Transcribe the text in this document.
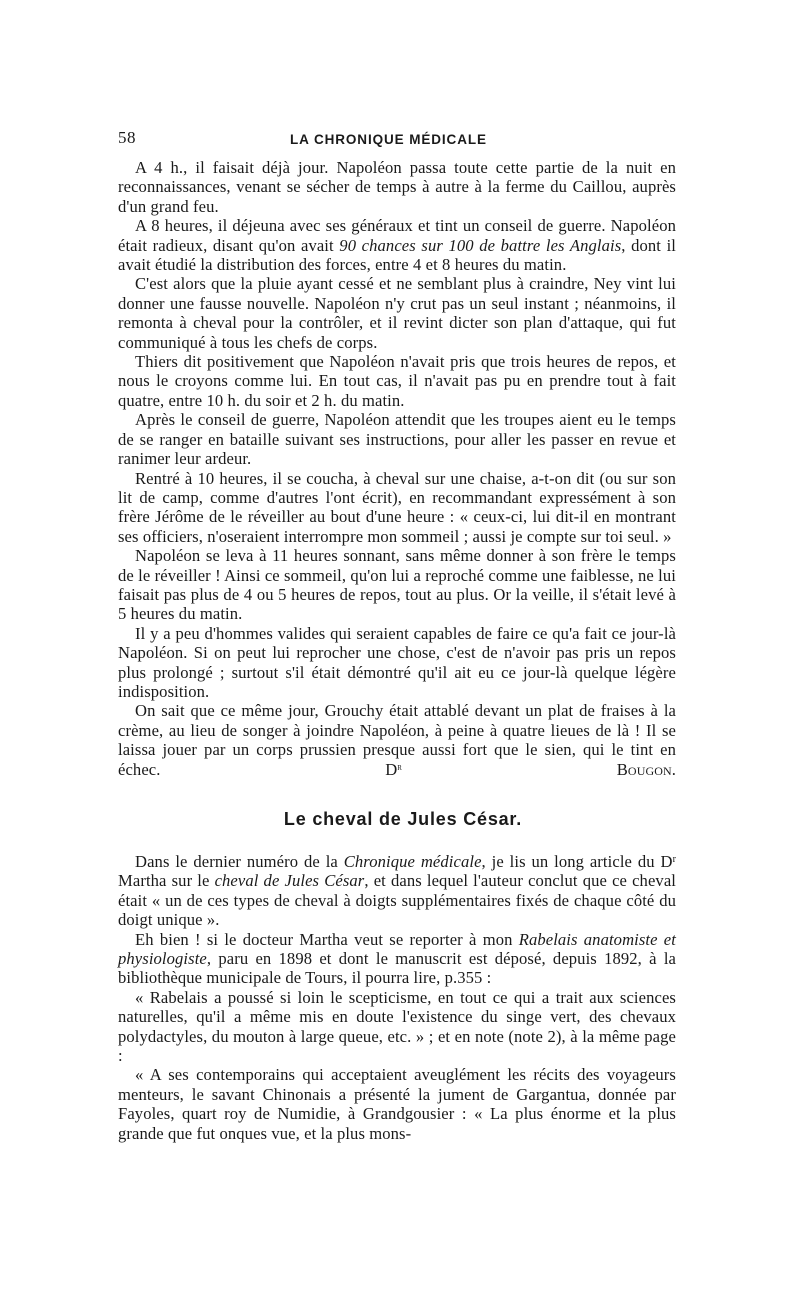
58	LA CHRONIQUE MÉDICALE

A 4 h., il faisait déjà jour. Napoléon passa toute cette partie de la nuit en reconnaissances, venant se sécher de temps à autre à la ferme du Caillou, auprès d'un grand feu.

A 8 heures, il déjeuna avec ses généraux et tint un conseil de guerre. Napoléon était radieux, disant qu'on avait 90 chances sur 100 de battre les Anglais, dont il avait étudié la distribution des forces, entre 4 et 8 heures du matin.

C'est alors que la pluie ayant cessé et ne semblant plus à craindre, Ney vint lui donner une fausse nouvelle. Napoléon n'y crut pas un seul instant ; néanmoins, il remonta à cheval pour la contrôler, et il revint dicter son plan d'attaque, qui fut communiqué à tous les chefs de corps.

Thiers dit positivement que Napoléon n'avait pris que trois heures de repos, et nous le croyons comme lui. En tout cas, il n'avait pas pu en prendre tout à fait quatre, entre 10 h. du soir et 2 h. du matin.

Après le conseil de guerre, Napoléon attendit que les troupes aient eu le temps de se ranger en bataille suivant ses instructions, pour aller les passer en revue et ranimer leur ardeur.

Rentré à 10 heures, il se coucha, à cheval sur une chaise, a-t-on dit (ou sur son lit de camp, comme d'autres l'ont écrit), en recommandant expressément à son frère Jérôme de le réveiller au bout d'une heure : « ceux-ci, lui dit-il en montrant ses officiers, n'oseraient interrompre mon sommeil ; aussi je compte sur toi seul. »

Napoléon se leva à 11 heures sonnant, sans même donner à son frère le temps de le réveiller ! Ainsi ce sommeil, qu'on lui a reproché comme une faiblesse, ne lui faisait pas plus de 4 ou 5 heures de repos, tout au plus. Or la veille, il s'était levé à 5 heures du matin.

Il y a peu d'hommes valides qui seraient capables de faire ce qu'a fait ce jour-là Napoléon. Si on peut lui reprocher une chose, c'est de n'avoir pas pris un repos plus prolongé ; surtout s'il était démontré qu'il ait eu ce jour-là quelque légère indisposition.

On sait que ce même jour, Grouchy était attablé devant un plat de fraises à la crème, au lieu de songer à joindre Napoléon, à peine à quatre lieues de là ! Il se laissa jouer par un corps prussien presque aussi fort que le sien, qui le tint en échec.	$D^r$	Bougon.

Le cheval de Jules César.

Dans le dernier numéro de la Chronique médicale, je lis un long article du $D^r$ Martha sur le cheval de Jules César, et dans lequel l'auteur conclut que ce cheval était « un de ces types de cheval à doigts supplémentaires fixés de chaque côté du doigt unique ».

Eh bien ! si le docteur Martha veut se reporter à mon Rabelais anatomiste et physiologiste, paru en 1898 et dont le manuscrit est déposé, depuis 1892, à la bibliothèque municipale de Tours, il pourra lire, p.355 :

« Rabelais a poussé si loin le scepticisme, en tout ce qui a trait aux sciences naturelles, qu'il a même mis en doute l'existence du singe vert, des chevaux polydactyles, du mouton à large queue, etc. » ; et en note (note 2), à la même page :

« A ses contemporains qui acceptaient aveuglément les récits des voyageurs menteurs, le savant Chinonais a présenté la jument de Gargantua, donnée par Fayoles, quart roy de Numidie, à Grandgousier : « La plus énorme et la plus grande que fut onques vue, et la plus mons-
